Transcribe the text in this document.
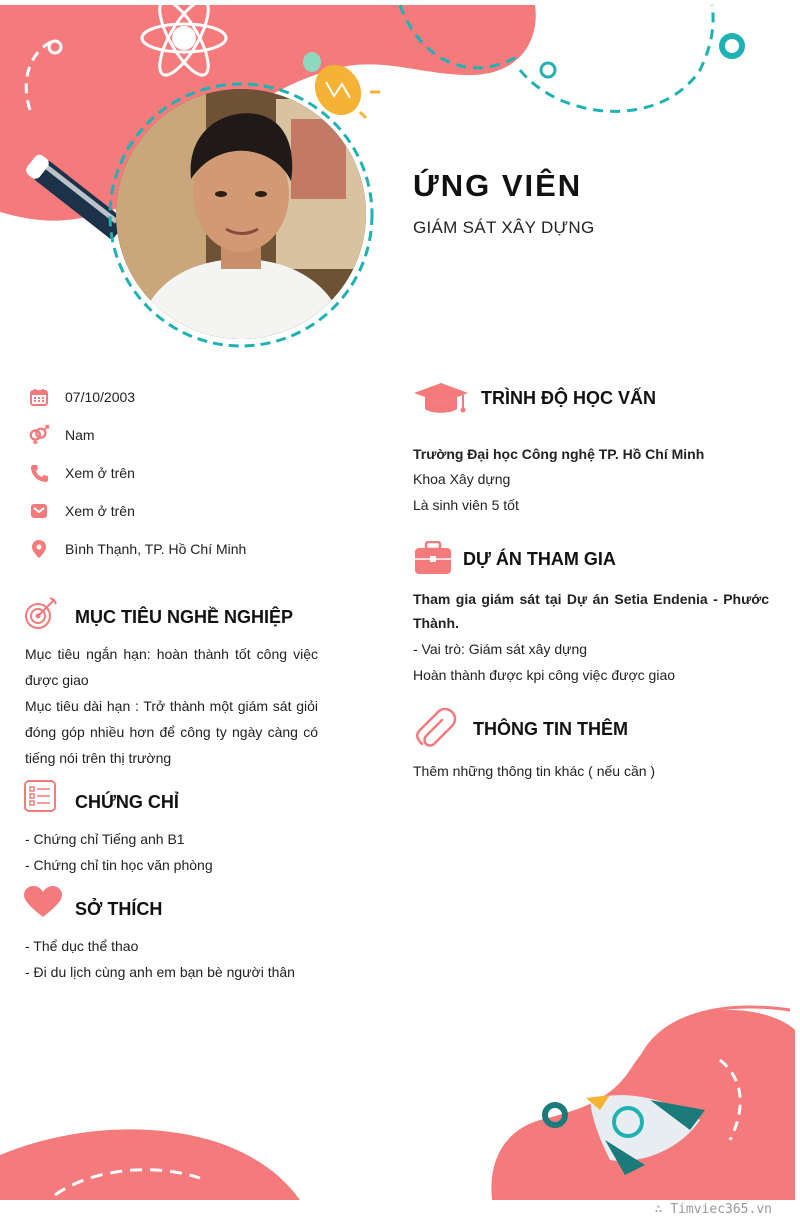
ỨNG VIÊN
GIÁM SÁT XÂY DỰNG
07/10/2003
Nam
Xem ở trên
Xem ở trên
Bình Thạnh, TP. Hồ Chí Minh
MỤC TIÊU NGHỀ NGHIỆP
Mục tiêu ngắn hạn: hoàn thành tốt công việc được giao
Mục tiêu dài hạn : Trở thành một giám sát giỏi đóng góp nhiều hơn để công ty ngày càng có tiếng nói trên thị trường
CHỨNG CHỈ
- Chứng chỉ Tiếng anh B1
- Chứng chỉ tin học văn phòng
SỞ THÍCH
- Thể dục thể thao
- Đi du lịch cùng anh em bạn bè người thân
TRÌNH ĐỘ HỌC VẤN
Trường Đại học Công nghệ TP. Hồ Chí Minh
Khoa Xây dựng
Là sinh viên 5 tốt
DỰ ÁN THAM GIA
Tham gia giám sát tại Dự án Setia Endenia - Phước Thành.
- Vai trò: Giám sát xây dựng
Hoàn thành được kpi công việc được giao
THÔNG TIN THÊM
Thêm những thông tin khác ( nếu cần )
∴ Timviec365.vn
